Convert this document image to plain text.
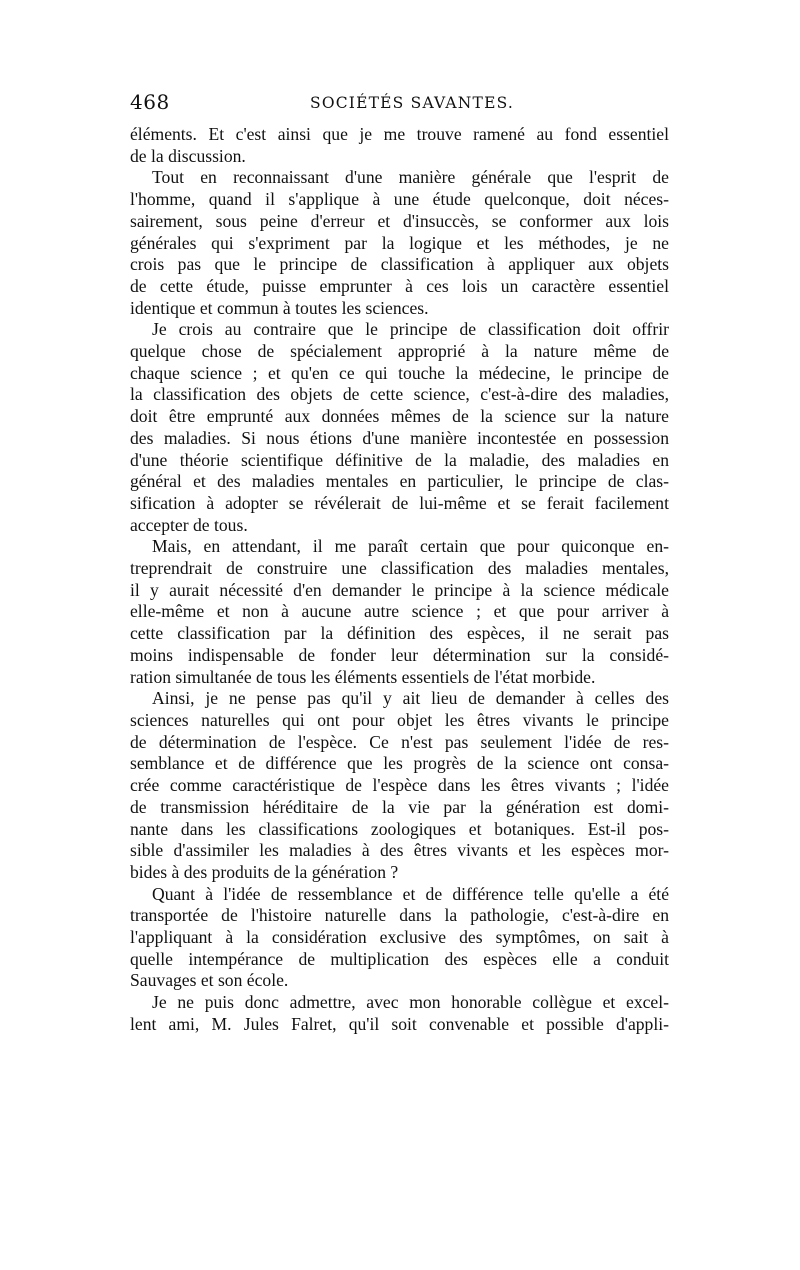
468	SOCIÉTÉS SAVANTES.
éléments. Et c'est ainsi que je me trouve ramené au fond essentiel
de la discussion.
Tout en reconnaissant d'une manière générale que l'esprit de
l'homme, quand il s'applique à une étude quelconque, doit néces-
sairement, sous peine d'erreur et d'insuccès, se conformer aux lois
générales qui s'expriment par la logique et les méthodes, je ne
crois pas que le principe de classification à appliquer aux objets
de cette étude, puisse emprunter à ces lois un caractère essentiel
identique et commun à toutes les sciences.
Je crois au contraire que le principe de classification doit offrir
quelque chose de spécialement approprié à la nature même de
chaque science ; et qu'en ce qui touche la médecine, le principe de
la classification des objets de cette science, c'est-à-dire des maladies,
doit être emprunté aux données mêmes de la science sur la nature
des maladies. Si nous étions d'une manière incontestée en possession
d'une théorie scientifique définitive de la maladie, des maladies en
général et des maladies mentales en particulier, le principe de clas-
sification à adopter se révélerait de lui-même et se ferait facilement
accepter de tous.
Mais, en attendant, il me paraît certain que pour quiconque en-
treprendrait de construire une classification des maladies mentales,
il y aurait nécessité d'en demander le principe à la science médicale
elle-même et non à aucune autre science ; et que pour arriver à
cette classification par la définition des espèces, il ne serait pas
moins indispensable de fonder leur détermination sur la considé-
ration simultanée de tous les éléments essentiels de l'état morbide.
Ainsi, je ne pense pas qu'il y ait lieu de demander à celles des
sciences naturelles qui ont pour objet les êtres vivants le principe
de détermination de l'espèce. Ce n'est pas seulement l'idée de res-
semblance et de différence que les progrès de la science ont consa-
crée comme caractéristique de l'espèce dans les êtres vivants ; l'idée
de transmission héréditaire de la vie par la génération est domi-
nante dans les classifications zoologiques et botaniques. Est-il pos-
sible d'assimiler les maladies à des êtres vivants et les espèces mor-
bides à des produits de la génération ?
Quant à l'idée de ressemblance et de différence telle qu'elle a été
transportée de l'histoire naturelle dans la pathologie, c'est-à-dire en
l'appliquant à la considération exclusive des symptômes, on sait à
quelle intempérance de multiplication des espèces elle a conduit
Sauvages et son école.
Je ne puis donc admettre, avec mon honorable collègue et excel-
lent ami, M. Jules Falret, qu'il soit convenable et possible d'appli-
